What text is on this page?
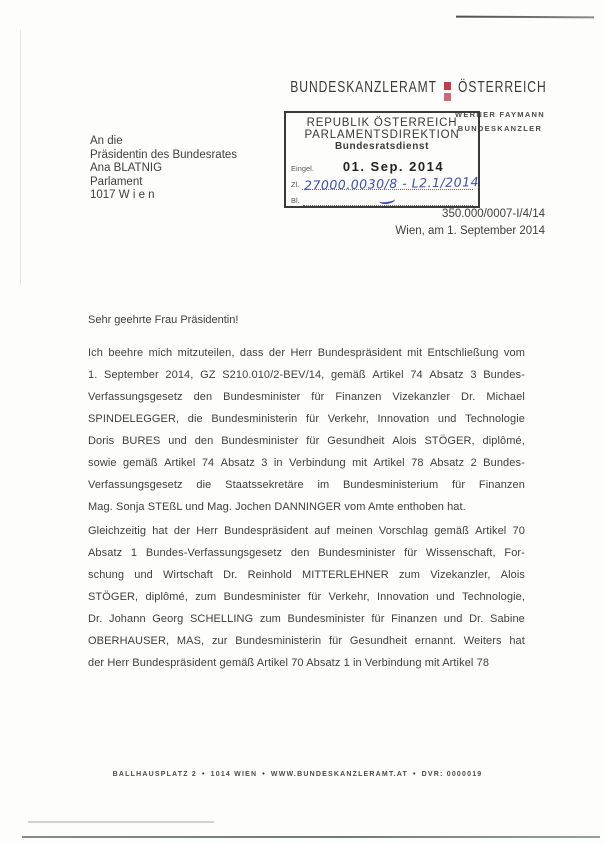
BUNDESKANZLERAMT ÖSTERREICH
WERNER FAYMANN
BUNDESKANZLER
REPUBLIK ÖSTERREICH
PARLAMENTSDIREKTION
Bundesratsdienst
Eingel.	01. Sep. 2014
Zl. 27000.0030/8 - L2.1/2014
Bl.
An die
Präsidentin des Bundesrates
Ana BLATNIG
Parlament
1017 W i e n
350.000/0007-I/4/14
Wien, am 1. September 2014
Sehr geehrte Frau Präsidentin!
Ich beehre mich mitzuteilen, dass der Herr Bundespräsident mit Entschließung vom
1. September 2014, GZ S210.010/2-BEV/14, gemäß Artikel 74 Absatz 3 Bundes-
Verfassungsgesetz den Bundesminister für Finanzen Vizekanzler Dr. Michael
SPINDELEGGER, die Bundesministerin für Verkehr, Innovation und Technologie
Doris BURES und den Bundesminister für Gesundheit Alois STÖGER, diplômé,
sowie gemäß Artikel 74 Absatz 3 in Verbindung mit Artikel 78 Absatz 2 Bundes-
Verfassungsgesetz die Staatssekretäre im Bundesministerium für Finanzen
Mag. Sonja STEßL und Mag. Jochen DANNINGER vom Amte enthoben hat.
Gleichzeitig hat der Herr Bundespräsident auf meinen Vorschlag gemäß Artikel 70
Absatz 1 Bundes-Verfassungsgesetz den Bundesminister für Wissenschaft, For-
schung und Wirtschaft Dr. Reinhold MITTERLEHNER zum Vizekanzler, Alois
STÖGER, diplômé, zum Bundesminister für Verkehr, Innovation und Technologie,
Dr. Johann Georg SCHELLING zum Bundesminister für Finanzen und Dr. Sabine
OBERHAUSER, MAS, zur Bundesministerin für Gesundheit ernannt. Weiters hat
der Herr Bundespräsident gemäß Artikel 70 Absatz 1 in Verbindung mit Artikel 78
BALLHAUSPLATZ 2 • 1014 WIEN • WWW.BUNDESKANZLERAMT.AT • DVR: 0000019
